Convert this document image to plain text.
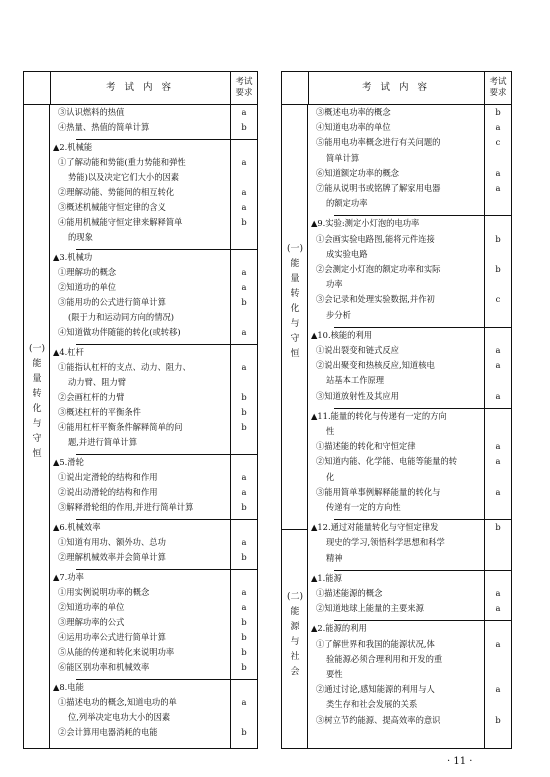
考 试 内 容	考试
要求
(一)
能
量
转
化
与
守
恒
③认识燃料的热值	a
④热量、热值的简单计算	b
▲2.机械能
①了解动能和势能(重力势能和弹性	a
势能)以及决定它们大小的因素
②理解动能、势能间的相互转化	a
③概述机械能守恒定律的含义	a
④能用机械能守恒定律来解释简单	b
的现象
▲3.机械功
①理解功的概念	a
②知道功的单位	a
③能用功的公式进行简单计算	b
(限于力和运动同方向的情况)
④知道做功伴随能的转化(或转移)	a
▲4.杠杆
①能指认杠杆的支点、动力、阻力、	a
动力臂、阻力臂
②会画杠杆的力臂	b
③概述杠杆的平衡条件	b
④能用杠杆平衡条件解释简单的问	b
题,并进行简单计算
▲5.滑轮
①说出定滑轮的结构和作用	a
②说出动滑轮的结构和作用	a
③解释滑轮组的作用,并进行简单计算	b
▲6.机械效率
①知道有用功、额外功、总功	a
②理解机械效率并会简单计算	b
▲7.功率
①用实例说明功率的概念	a
②知道功率的单位	a
③理解功率的公式	b
④运用功率公式进行简单计算	b
⑤从能的传递和转化来说明功率	b
⑥能区别功率和机械效率	b
▲8.电能
①描述电功的概念,知道电功的单	a
位,列举决定电功大小的因素
②会计算用电器消耗的电能	b
考 试 内 容	考试
要求
(一)
能
量
转
化
与
守
恒
(二)
能
源
与
社
会
③概述电功率的概念	b
④知道电功率的单位	a
⑤能用电功率概念进行有关问题的	c
简单计算
⑥知道额定功率的概念	a
⑦能从说明书或铭牌了解家用电器	a
的额定功率
▲9.实验:测定小灯泡的电功率
①会画实验电路图,能将元件连接	b
成实验电路
②会测定小灯泡的额定功率和实际	b
功率
③会记录和处理实验数据,并作初	c
步分析
▲10.核能的利用
①说出裂变和链式反应	a
②说出聚变和热核反应,知道核电	a
站基本工作原理
③知道放射性及其应用	a
▲11.能量的转化与传递有一定的方向
性
①描述能的转化和守恒定律	a
②知道内能、化学能、电能等能量的转	a
化
③能用简单事例解释能量的转化与	a
传递有一定的方向性
▲12.通过对能量转化与守恒定律发	b
现史的学习,领悟科学思想和科学
精神
▲1.能源
①描述能源的概念	a
②知道地球上能量的主要来源	a
▲2.能源的利用
①了解世界和我国的能源状况,体	a
验能源必须合理利用和开发的重
要性
②通过讨论,感知能源的利用与人	a
类生存和社会发展的关系
③树立节约能源、提高效率的意识	b
· 11 ·
